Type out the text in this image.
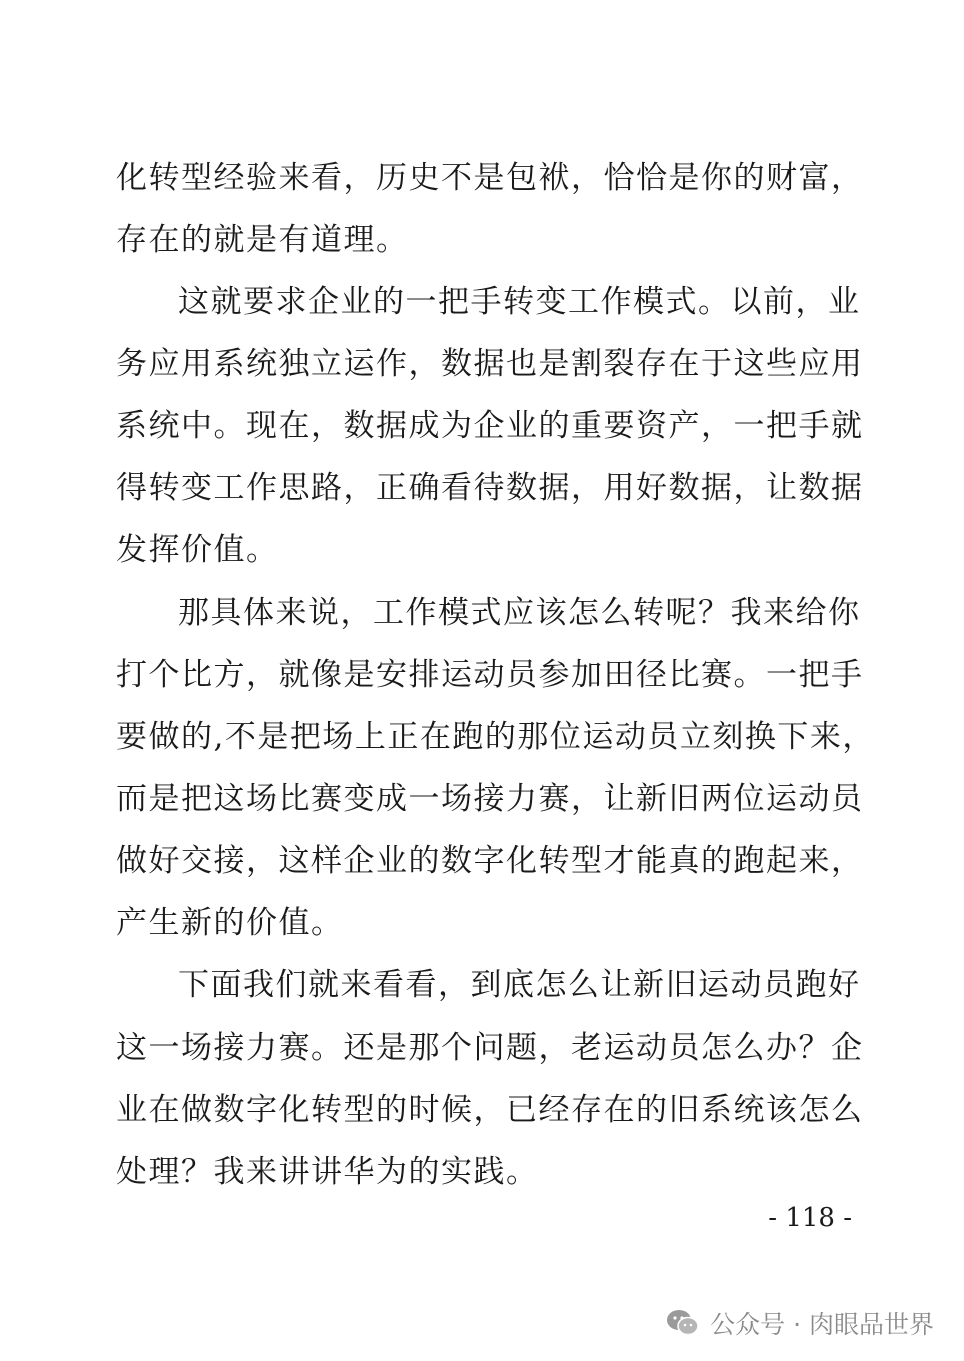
化转型经验来看，历史不是包袱，恰恰是你的财富，
存在的就是有道理。
这就要求企业的一把手转变工作模式。以前，业
务应用系统独立运作，数据也是割裂存在于这些应用
系统中。现在，数据成为企业的重要资产，一把手就
得转变工作思路，正确看待数据，用好数据，让数据
发挥价值。
那具体来说，工作模式应该怎么转呢？我来给你
打个比方，就像是安排运动员参加田径比赛。一把手
要做的,不是把场上正在跑的那位运动员立刻换下来，
而是把这场比赛变成一场接力赛，让新旧两位运动员
做好交接，这样企业的数字化转型才能真的跑起来，
产生新的价值。
下面我们就来看看，到底怎么让新旧运动员跑好
这一场接力赛。还是那个问题，老运动员怎么办？企
业在做数字化转型的时候，已经存在的旧系统该怎么
处理？我来讲讲华为的实践。
- 118 -
公众号 · 肉眼品世界
